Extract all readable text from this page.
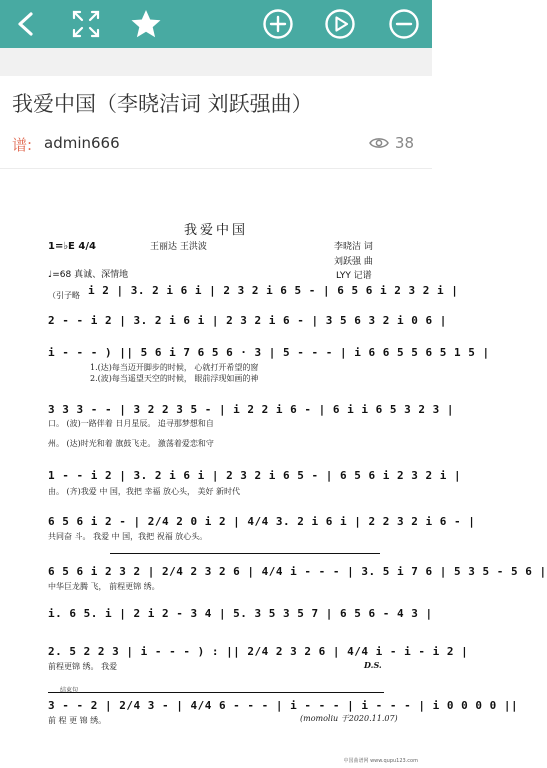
我爱中国（李晓洁词 刘跃强曲）
谱: admin666	38
我爱中国
王丽达 王洪波
1=♭E 4/4	李晓洁 词
刘跃强 曲
LYY 记谱
♩=68 真诚、深情地
（引子略 i 2 | 3. 2 i 6 i | 2 3 2 i 6 5 - | 6 5 6 i 2 3 2 i |
2 - - i 2 | 3. 2 i 6 i | 2 3 2 i 6 - | 3 5 6 3 2 i 0 6 |
i - - - ) || 5 6 i 7 6 5 6 · 3 | 5 - - - | i 6 6 5 5 6 5 1 5 |
1.(达)每当迈开脚步的时候， 心就打开希望的窗
2.(波)每当遥望天空的时候， 眼前浮现如画的神
3 3 3 - - | 3 2 2 3 5 - | i 2 2 i 6 - | 6 i i 6 5 3 2 3 |
口。 (波)一路伴着 日月星辰。 追寻那梦想和自
州。 (达)时光和着 旗鼓飞走。 激荡着爱恋和守
1 - - i 2 | 3. 2 i 6 i | 2 3 2 i 6 5 - | 6 5 6 i 2 3 2 i |
由。 (齐)我爱 中 国，我把 幸福 放心头， 美好 新时代
6 5 6 i 2 - | 2/4 2 0 i 2 | 4/4 3. 2 i 6 i | 2 2 3 2 i 6 - |
共同奋 斗。 我爱 中 国，我把 祝福 放心头。
6 5 6 i 2 3 2 | 2/4 2 3 2 6 | 4/4 i - - - | 3. 5 i 7 6 | 5 3 5 - 5 6 |
中华巨龙腾 飞， 前程更锦 绣。
i. 6 5. i | 2 i 2 - 3 4 | 5. 3 5 3 5 7 | 6 5 6 - 4 3 |
2. 5 2 2 3 | i - - - ) : || 2/4 2 3 2 6 | 4/4 i - i - i 2 |
前程更锦 绣。 我爱	D.S.
结束句
3 - - 2 | 2/4 3 - | 4/4 6 - - - | i - - - | i - - - | i 0 0 0 0 ||
前 程 更 锦 绣。	(momoliu 于2020.11.07)
中国曲谱网 www.qupu123.com
